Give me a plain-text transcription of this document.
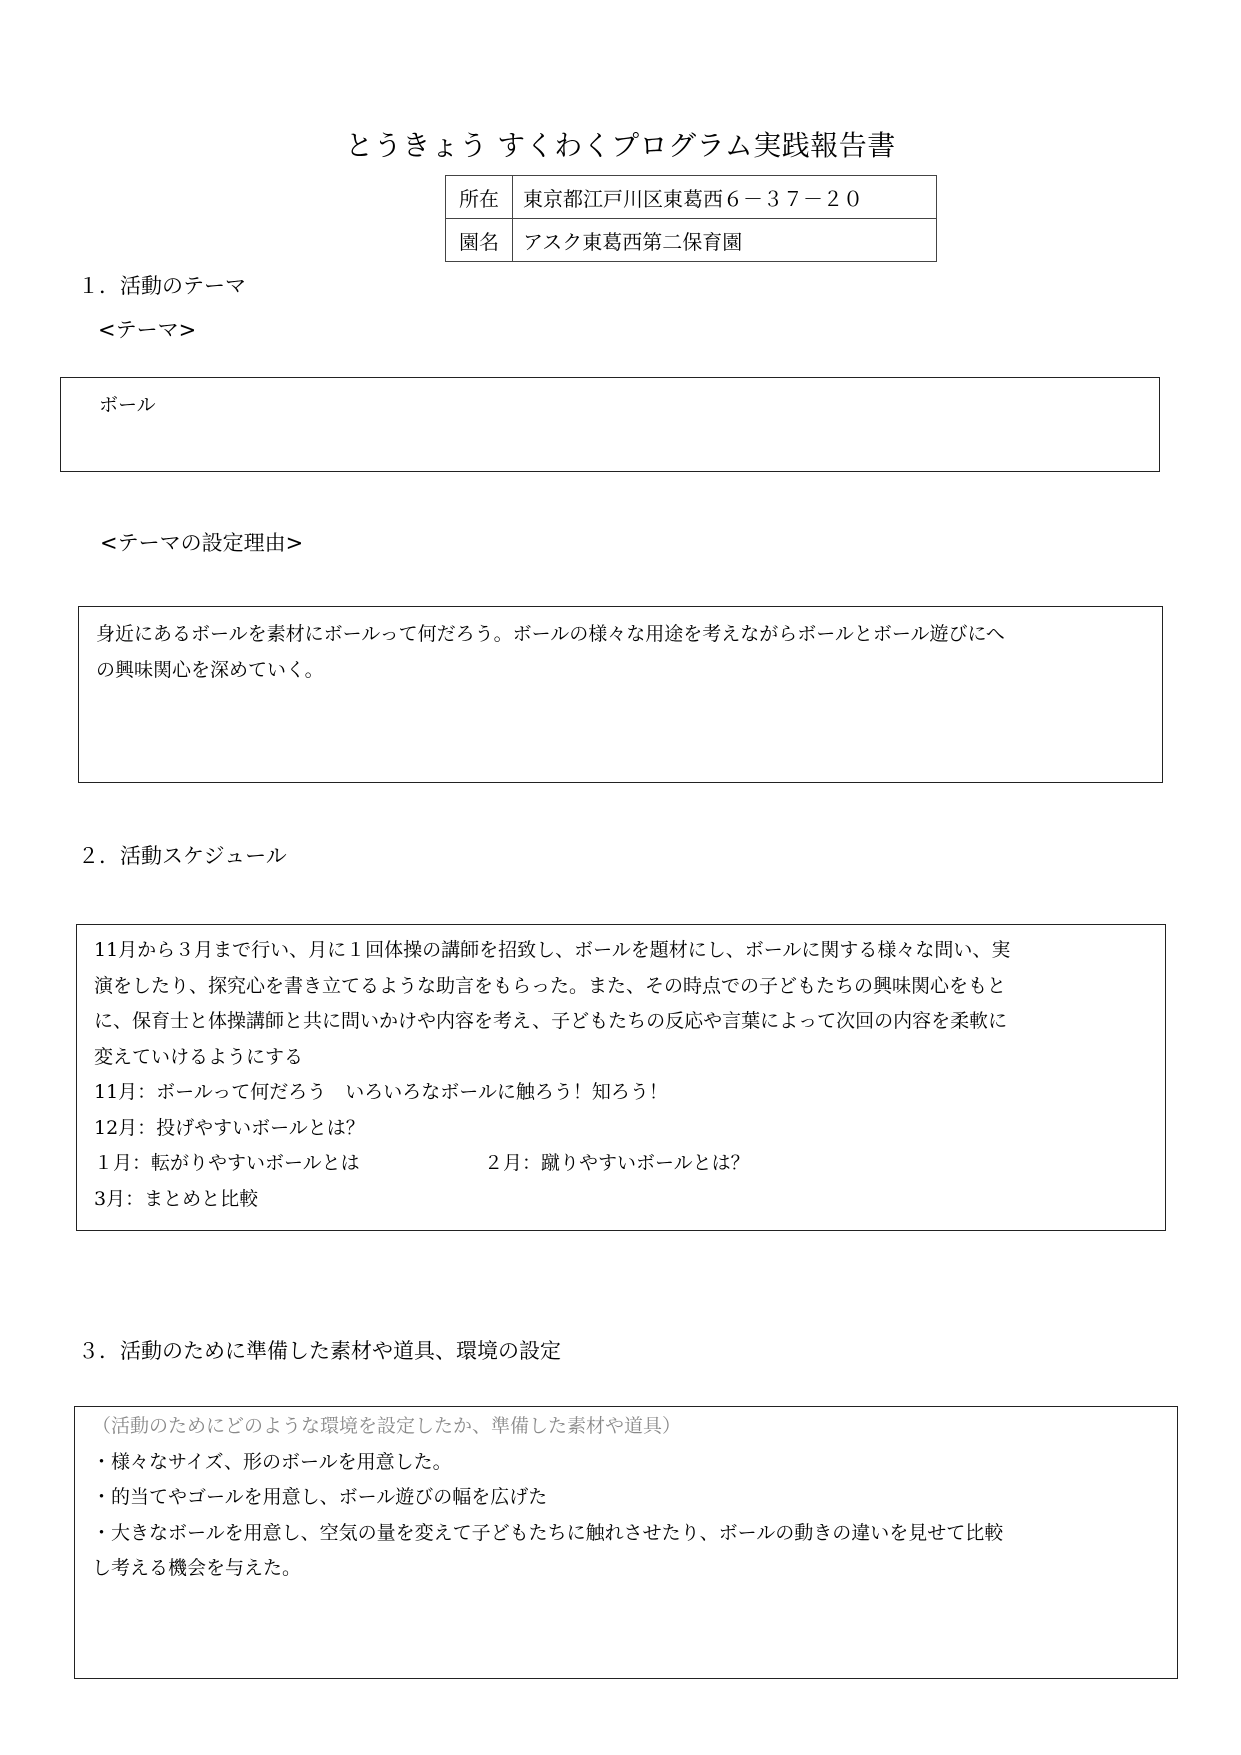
とうきょう すくわくプログラム実践報告書
所在	東京都江戸川区東葛西６－３７－２０
園名	アスク東葛西第二保育園
１．活動のテーマ
<テーマ>
ボール
<テーマの設定理由>
身近にあるボールを素材にボールって何だろう。ボールの様々な用途を考えながらボールとボール遊びにへ
の興味関心を深めていく。
２．活動スケジュール
11月から３月まで行い、月に１回体操の講師を招致し、ボールを題材にし、ボールに関する様々な問い、実
演をしたり、探究心を書き立てるような助言をもらった。また、その時点での子どもたちの興味関心をもと
に、保育士と体操講師と共に問いかけや内容を考え、子どもたちの反応や言葉によって次回の内容を柔軟に
変えていけるようにする
11月：ボールって何だろう　いろいろなボールに触ろう！知ろう！
12月：投げやすいボールとは？
１月：転がりやすいボールとは	２月：蹴りやすいボールとは？
3月：まとめと比較
３．活動のために準備した素材や道具、環境の設定
（活動のためにどのような環境を設定したか、準備した素材や道具）
・様々なサイズ、形のボールを用意した。
・的当てやゴールを用意し、ボール遊びの幅を広げた
・大きなボールを用意し、空気の量を変えて子どもたちに触れさせたり、ボールの動きの違いを見せて比較
し考える機会を与えた。
